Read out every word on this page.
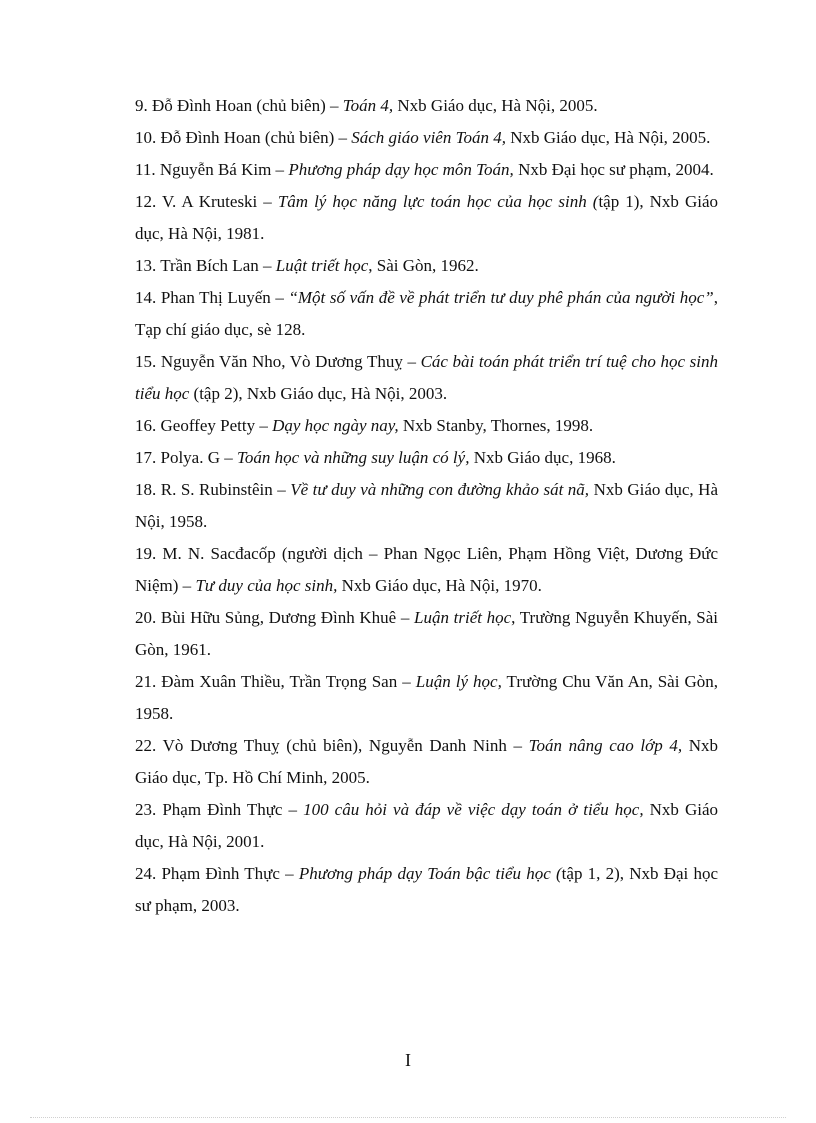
9. Đỗ Đình Hoan (chủ biên) – Toán 4, Nxb Giáo dục, Hà Nội, 2005.

10. Đỗ Đình Hoan (chủ biên) – Sách giáo viên Toán 4, Nxb Giáo dục, Hà Nội, 2005.

11. Nguyễn Bá Kim – Phương pháp dạy học môn Toán, Nxb Đại học sư phạm, 2004.

12. V. A Kruteski – Tâm lý học năng lực toán học của học sinh (tập 1), Nxb Giáo dục, Hà Nội, 1981.

13. Trần Bích Lan – Luật triết học, Sài Gòn, 1962.

14. Phan Thị Luyến – “Một số vấn đề về phát triển tư duy phê phán của người học”, Tạp chí giáo dục, sè 128.

15. Nguyễn Văn Nho, Vò Dương Thuỵ – Các bài toán phát triển trí tuệ cho học sinh tiểu học (tập 2), Nxb Giáo dục, Hà Nội, 2003.

16. Geoffey Petty – Dạy học ngày nay, Nxb Stanby, Thornes, 1998.

17. Polya. G – Toán học và những suy luận có lý, Nxb Giáo dục, 1968.

18. R. S. Rubinstêin – Về tư duy và những con đường khảo sát nã, Nxb Giáo dục, Hà Nội, 1958.

19. M. N. Sacđacốp (người dịch – Phan Ngọc Liên, Phạm Hồng Việt, Dương Đức Niệm) – Tư duy của học sinh, Nxb Giáo dục, Hà Nội, 1970.

20. Bùi Hữu Sủng, Dương Đình Khuê – Luận triết học, Trường Nguyễn Khuyến, Sài Gòn, 1961.

21. Đàm Xuân Thiều, Trần Trọng San – Luận lý học, Trường Chu Văn An, Sài Gòn, 1958.

22. Vò Dương Thuỵ (chủ biên), Nguyễn Danh Ninh – Toán nâng cao lớp 4, Nxb Giáo dục, Tp. Hồ Chí Minh, 2005.

23. Phạm Đình Thực – 100 câu hỏi và đáp về việc dạy toán ở tiểu học, Nxb Giáo dục, Hà Nội, 2001.

24. Phạm Đình Thực – Phương pháp dạy Toán bậc tiểu học (tập 1, 2), Nxb Đại học sư phạm, 2003.

I
